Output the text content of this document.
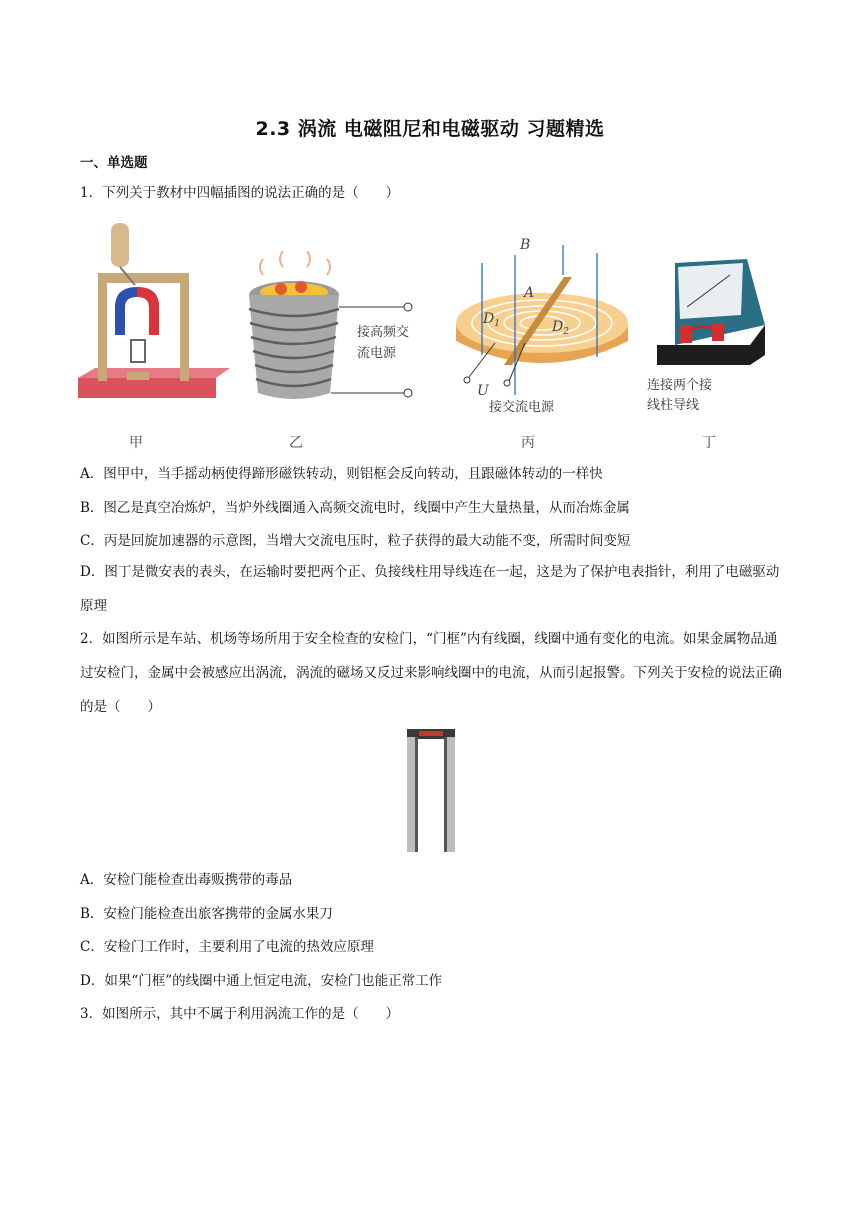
2.3 涡流 电磁阻尼和电磁驱动 习题精选
一、单选题
1．下列关于教材中四幅插图的说法正确的是（　　）
甲
接高频交
流电源
乙
B
A
$D_1$	$D_2$
U
接交流电源
丙
连接两个接
线柱导线
丁
A．图甲中，当手摇动柄使得蹄形磁铁转动，则铝框会反向转动，且跟磁体转动的一样快
B．图乙是真空冶炼炉，当炉外线圈通入高频交流电时，线圈中产生大量热量，从而冶炼金属
C．丙是回旋加速器的示意图，当增大交流电压时，粒子获得的最大动能不变，所需时间变短
D．图丁是微安表的表头，在运输时要把两个正、负接线柱用导线连在一起，这是为了保护电表指针，利用了电磁驱动原理
2．如图所示是车站、机场等场所用于安全检查的安检门，“门框”内有线圈，线圈中通有变化的电流。如果金属物品通过安检门，金属中会被感应出涡流，涡流的磁场又反过来影响线圈中的电流，从而引起报警。下列关于安检的说法正确的是（　　）
A．安检门能检查出毒贩携带的毒品
B．安检门能检查出旅客携带的金属水果刀
C．安检门工作时，主要利用了电流的热效应原理
D．如果“门框”的线圈中通上恒定电流，安检门也能正常工作
3．如图所示，其中不属于利用涡流工作的是（　　）
